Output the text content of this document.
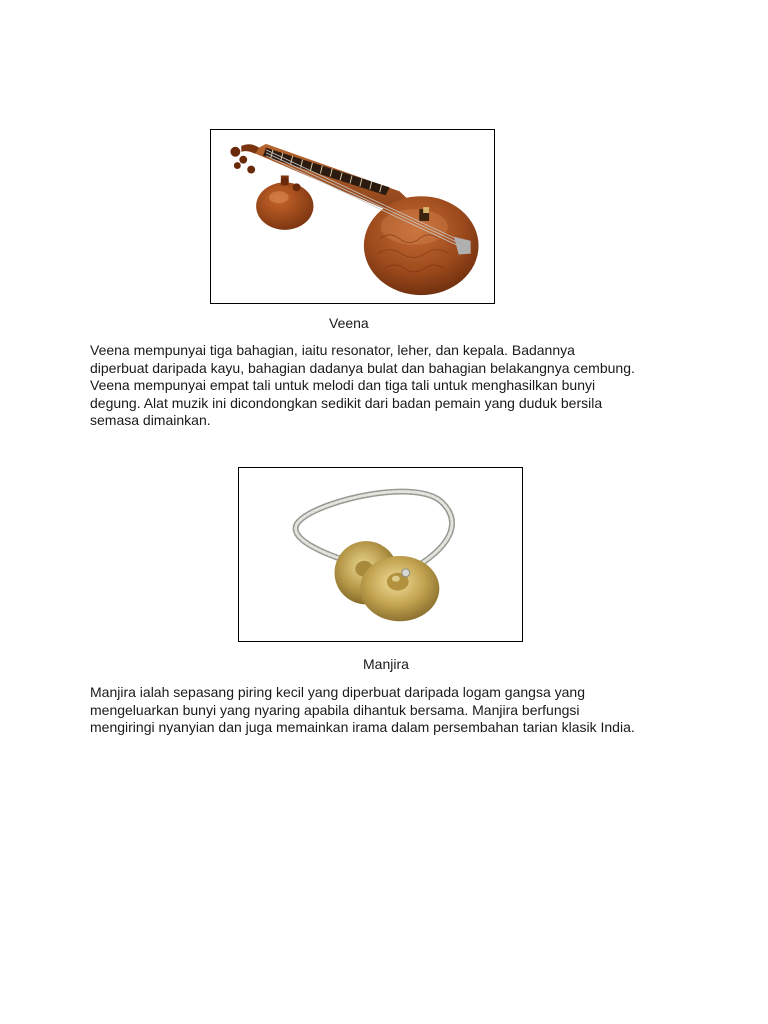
Veena
Veena mempunyai tiga bahagian, iaitu resonator, leher, dan kepala. Badannya
diperbuat daripada kayu, bahagian dadanya bulat dan bahagian belakangnya cembung.
Veena mempunyai empat tali untuk melodi dan tiga tali untuk menghasilkan bunyi
degung. Alat muzik ini dicondongkan sedikit dari badan pemain yang duduk bersila
semasa dimainkan.
Manjira
Manjira ialah sepasang piring kecil yang diperbuat daripada logam gangsa yang
mengeluarkan bunyi yang nyaring apabila dihantuk bersama. Manjira berfungsi
mengiringi nyanyian dan juga memainkan irama dalam persembahan tarian klasik India.
